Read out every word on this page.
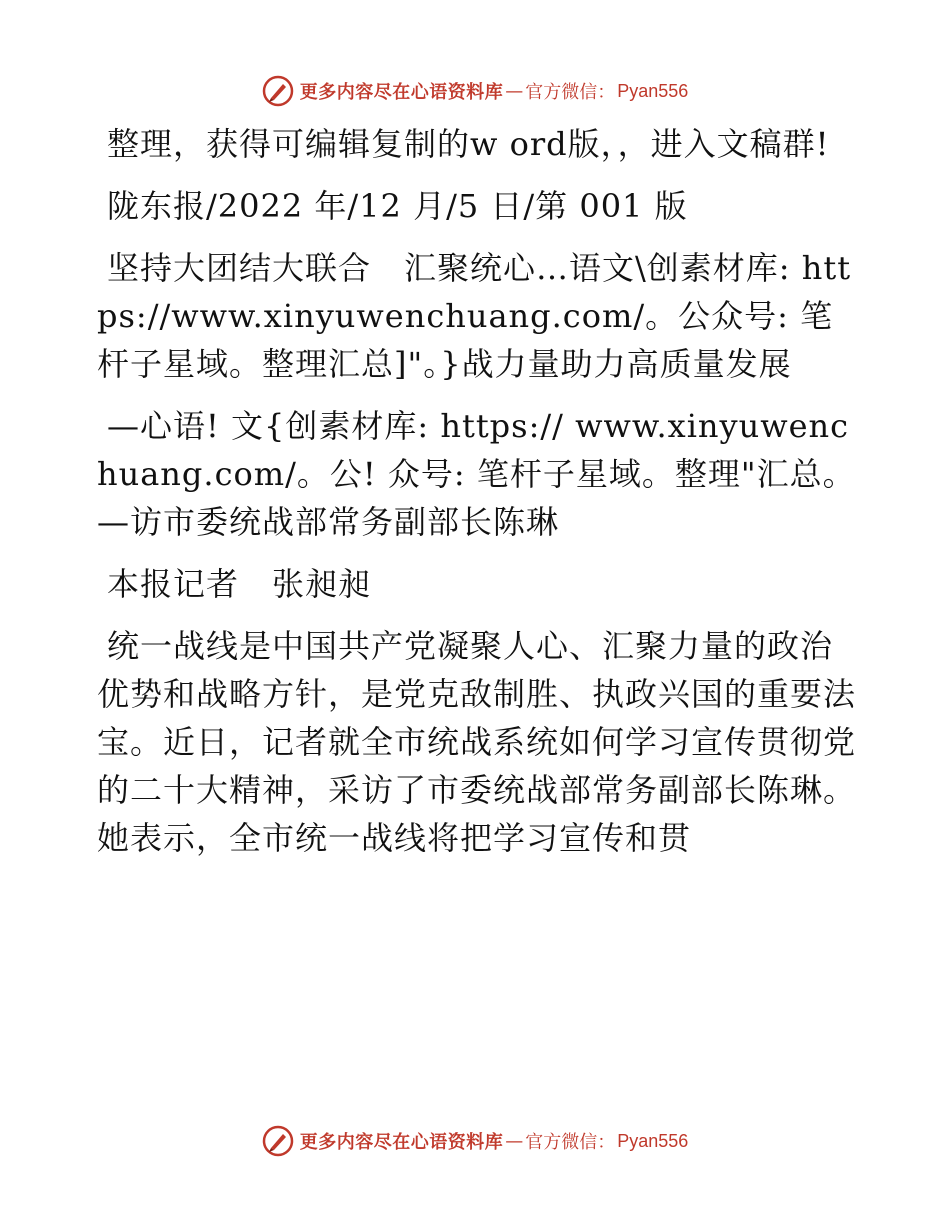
更多内容尽在心语资料库 — 官方微信： Pyan556

整理，获得可编辑复制的w ord版，，进入文稿群!

陇东报/2022 年/12 月/5 日/第 001 版

坚持大团结大联合　汇聚统心…语文\创素材库: https://www.xinyuwenchuang.com/。公众号: 笔杆子星域。整理汇总]"。}战力量助力高质量发展

—心语! 文{创素材库: https:// www.xinyuwenchuang.com/。公! 众号: 笔杆子星域。整理"汇总。—访市委统战部常务副部长陈琳

本报记者　张昶昶

统一战线是中国共产党凝聚人心、汇聚力量的政治优势和战略方针，是党克敌制胜、执政兴国的重要法宝。近日，记者就全市统战系统如何学习宣传贯彻党的二十大精神，采访了市委统战部常务副部长陈琳。她表示，全市统一战线将把学习宣传和贯

更多内容尽在心语资料库 — 官方微信： Pyan556
